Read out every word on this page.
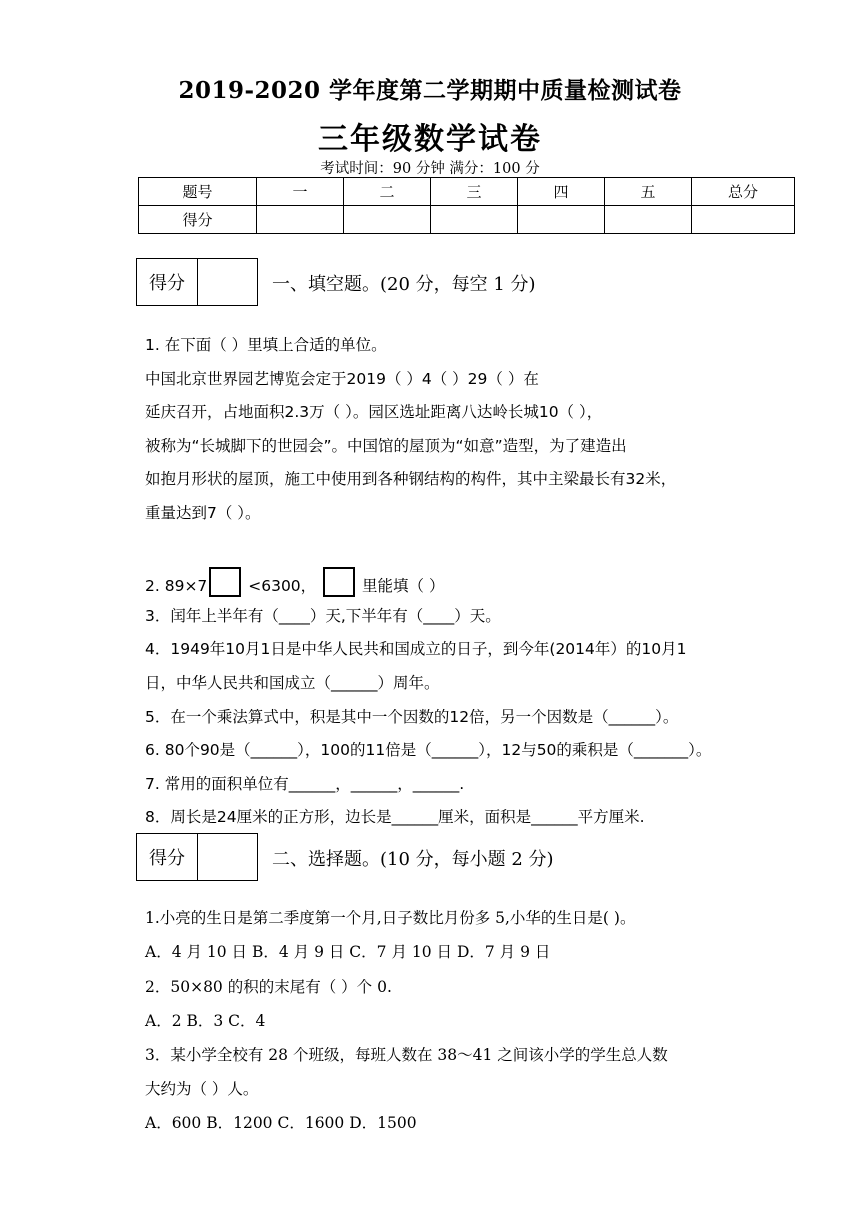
2019-2020 学年度第二学期期中质量检测试卷
三年级数学试卷
考试时间：90 分钟 满分：100 分
题号	一	二	三	四	五	总分
得分						
得分	一、填空题。(20 分，每空 1 分)
1. 在下面（ ）里填上合适的单位。
中国北京世界园艺博览会定于2019（ ）4（ ）29（ ）在
延庆召开，占地面积2.3万（ ）。园区选址距离八达岭长城10（ ），
被称为“长城脚下的世园会”。中国馆的屋顶为“如意”造型，为了建造出
如抱月形状的屋顶，施工中使用到各种钢结构的构件，其中主梁最长有32米，
重量达到7（ ）。
2. 89×7	<6300，	里能填（ ）
3．闰年上半年有（____）天,下半年有（____）天。
4．1949年10月1日是中华人民共和国成立的日子，到今年(2014年）的10月1
日，中华人民共和国成立（______）周年。
5．在一个乘法算式中，积是其中一个因数的12倍，另一个因数是（______）。
6. 80个90是（______），100的11倍是（______），12与50的乘积是（_______）。
7. 常用的面积单位有______，______，______.
8．周长是24厘米的正方形，边长是______厘米，面积是______平方厘米.
得分	二、选择题。(10 分，每小题 2 分)
1.小亮的生日是第二季度第一个月,日子数比月份多 5,小华的生日是( )。
A．4 月 10 日 B．4 月 9 日 C．7 月 10 日 D．7 月 9 日
2．50×80 的积的末尾有（ ）个 0.
A．2 B．3 C．4
3．某小学全校有 28 个班级，每班人数在 38～41 之间该小学的学生总人数
大约为（ ）人。
A．600 B．1200 C．1600 D．1500
